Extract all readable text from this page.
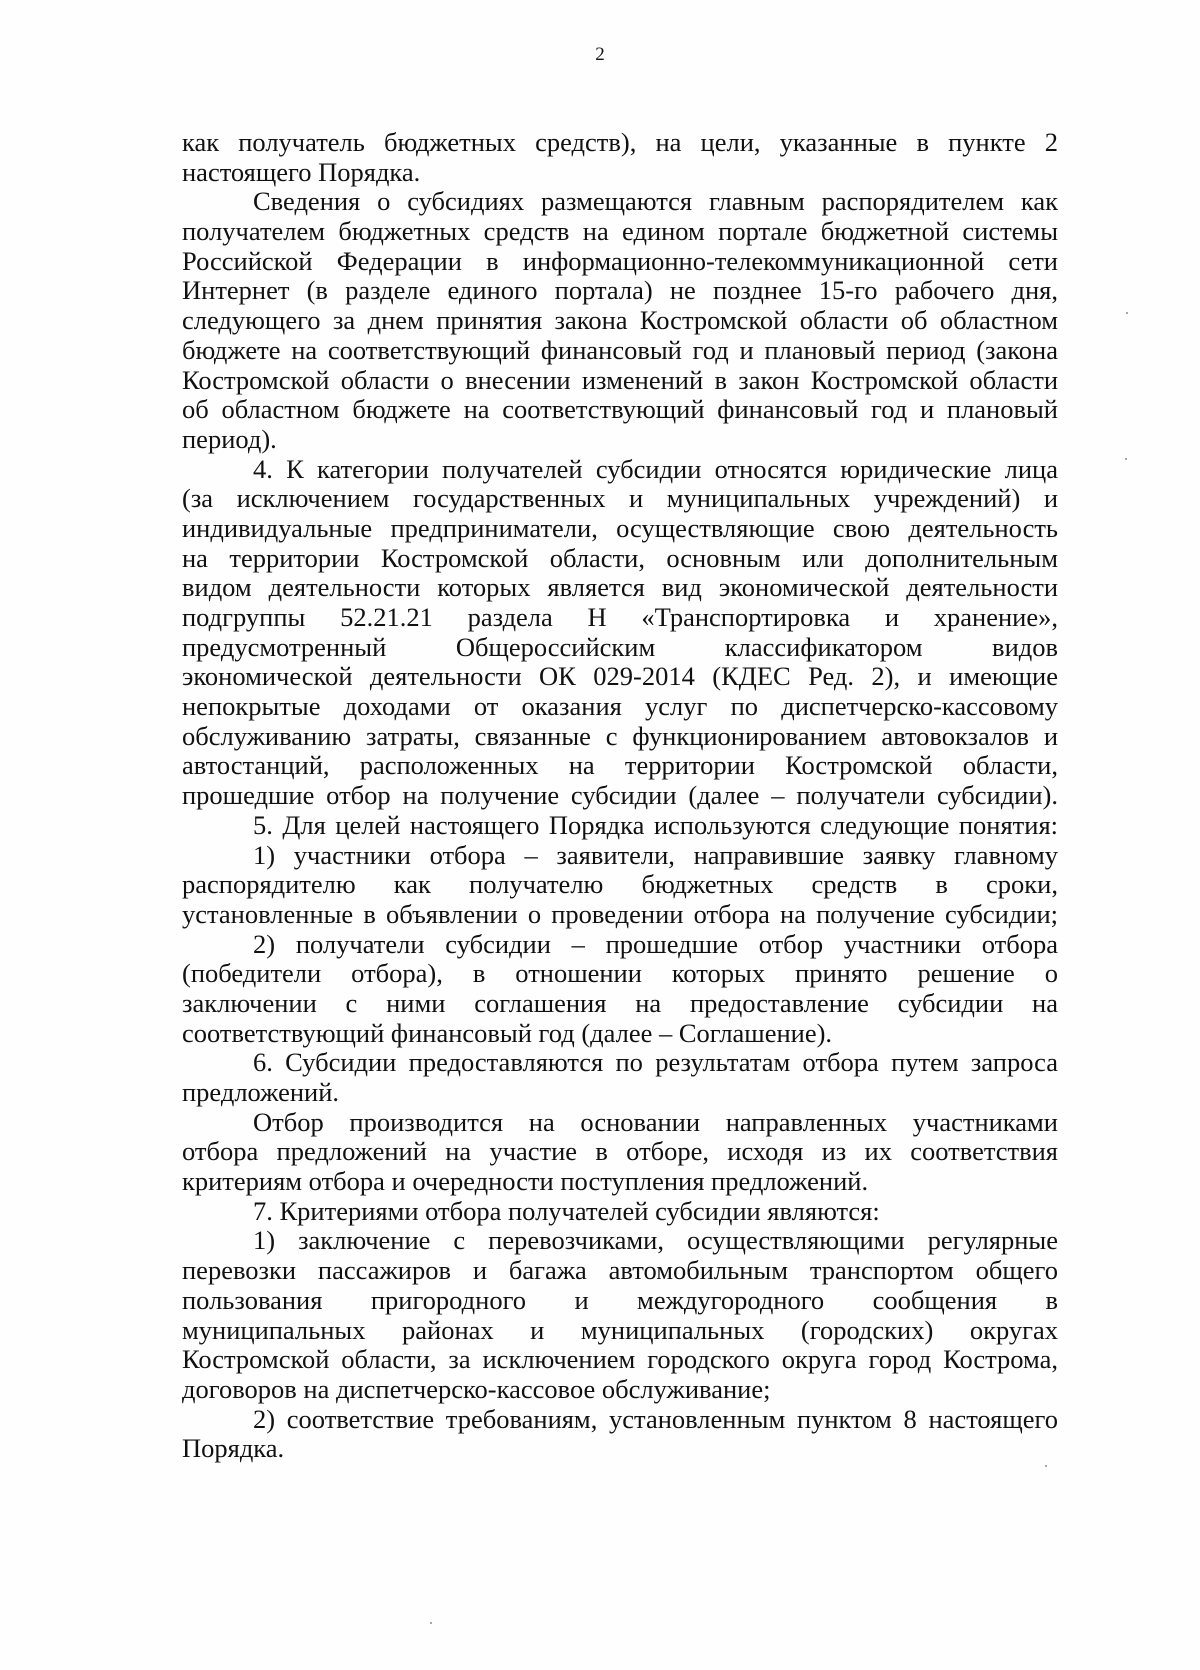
2
как получатель бюджетных средств), на цели, указанные в пункте 2
настоящего Порядка.
Сведения о субсидиях размещаются главным распорядителем как
получателем бюджетных средств на едином портале бюджетной системы
Российской Федерации в информационно-телекоммуникационной сети
Интернет (в разделе единого портала) не позднее 15-го рабочего дня,
следующего за днем принятия закона Костромской области об областном
бюджете на соответствующий финансовый год и плановый период (закона
Костромской области о внесении изменений в закон Костромской области
об областном бюджете на соответствующий финансовый год и плановый
период).
4. К категории получателей субсидии относятся юридические лица
(за исключением государственных и муниципальных учреждений) и
индивидуальные предприниматели, осуществляющие свою деятельность
на территории Костромской области, основным или дополнительным
видом деятельности которых является вид экономической деятельности
подгруппы 52.21.21 раздела H «Транспортировка и хранение»,
предусмотренный Общероссийским классификатором видов
экономической деятельности ОК 029-2014 (КДЕС Ред. 2), и имеющие
непокрытые доходами от оказания услуг по диспетчерско-кассовому
обслуживанию затраты, связанные с функционированием автовокзалов и
автостанций, расположенных на территории Костромской области,
прошедшие отбор на получение субсидии (далее – получатели субсидии).
5. Для целей настоящего Порядка используются следующие понятия:
1) участники отбора – заявители, направившие заявку главному
распорядителю как получателю бюджетных средств в сроки,
установленные в объявлении о проведении отбора на получение субсидии;
2) получатели субсидии – прошедшие отбор участники отбора
(победители отбора), в отношении которых принято решение о
заключении с ними соглашения на предоставление субсидии на
соответствующий финансовый год (далее – Соглашение).
6. Субсидии предоставляются по результатам отбора путем запроса
предложений.
Отбор производится на основании направленных участниками
отбора предложений на участие в отборе, исходя из их соответствия
критериям отбора и очередности поступления предложений.
7. Критериями отбора получателей субсидии являются:
1) заключение с перевозчиками, осуществляющими регулярные
перевозки пассажиров и багажа автомобильным транспортом общего
пользования пригородного и междугородного сообщения в
муниципальных районах и муниципальных (городских) округах
Костромской области, за исключением городского округа город Кострома,
договоров на диспетчерско-кассовое обслуживание;
2) соответствие требованиям, установленным пунктом 8 настоящего
Порядка.
